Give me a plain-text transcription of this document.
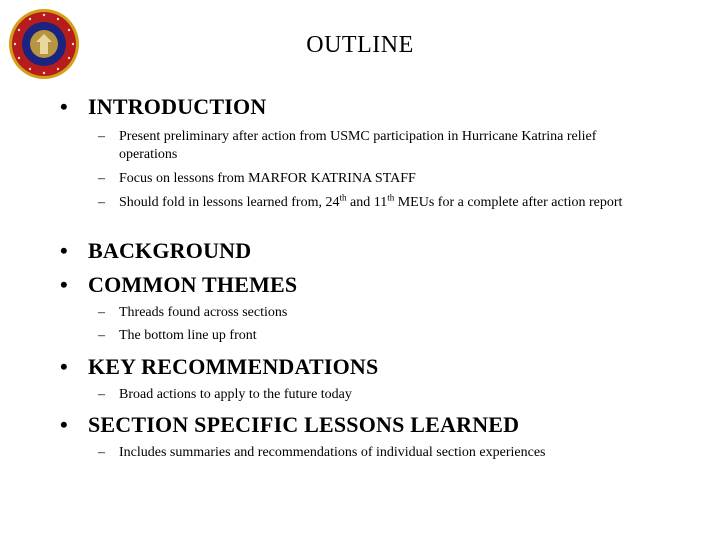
OUTLINE
• INTRODUCTION
–	Present preliminary after action from USMC participation in Hurricane Katrina relief operations
–	Focus on lessons from MARFOR KATRINA STAFF
–	Should fold in lessons learned from, 24th and 11th MEUs for a complete after action report
• BACKGROUND
• COMMON THEMES
–	Threads found across sections
–	The bottom line up front
• KEY RECOMMENDATIONS
–	Broad actions to apply to the future today
• SECTION SPECIFIC LESSONS LEARNED
–	Includes summaries and recommendations of individual section experiences
